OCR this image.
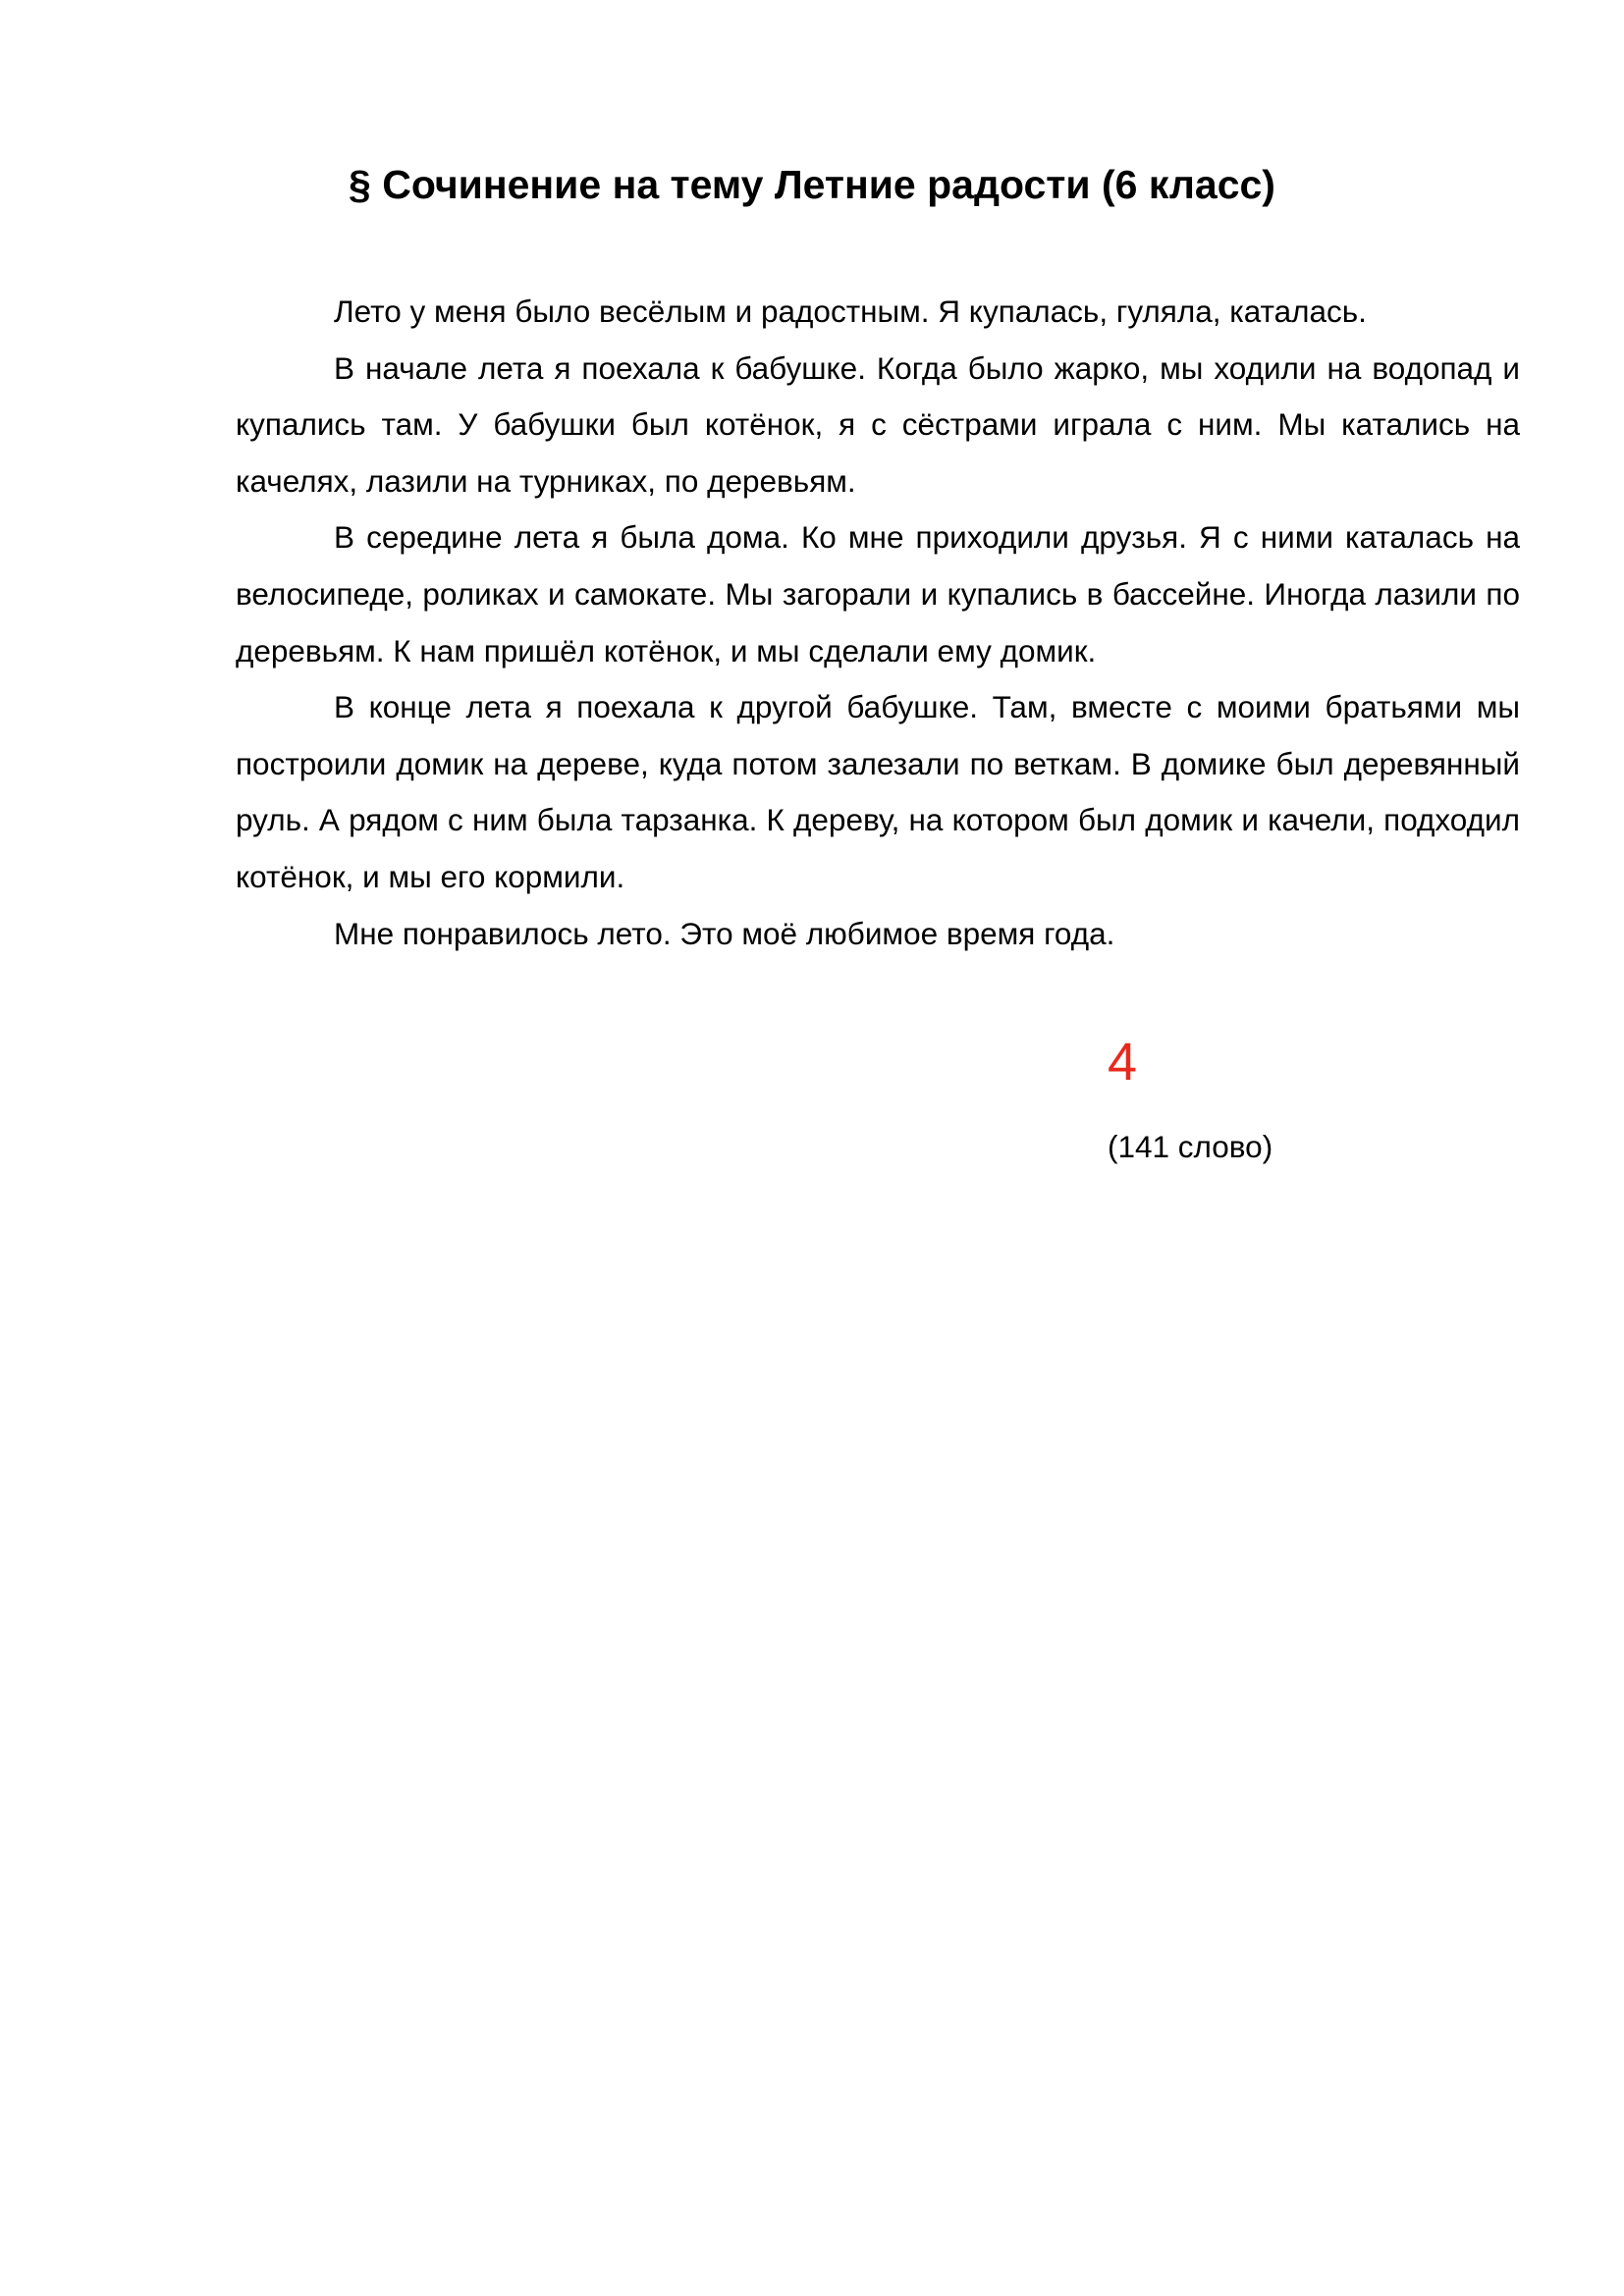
§ Сочинение на тему Летние радости (6 класс)

Лето у меня было весёлым и радостным. Я купалась, гуляла, каталась.

В начале лета я поехала к бабушке. Когда было жарко, мы ходили на водопад и купались там. У бабушки был котёнок, я с сёстрами играла с ним. Мы катались на качелях, лазили на турниках, по деревьям.

В середине лета я была дома. Ко мне приходили друзья. Я с ними каталась на велосипеде, роликах и самокате. Мы загорали и купались в бассейне. Иногда лазили по деревьям. К нам пришёл котёнок, и мы сделали ему домик.

В конце лета я поехала к другой бабушке. Там, вместе с моими братьями мы построили домик на дереве, куда потом залезали по веткам. В домике был деревянный руль. А рядом с ним была тарзанка. К дереву, на котором был домик и качели, подходил котёнок, и мы его кормили.

Мне понравилось лето. Это моё любимое время года.

4

(141 слово)
